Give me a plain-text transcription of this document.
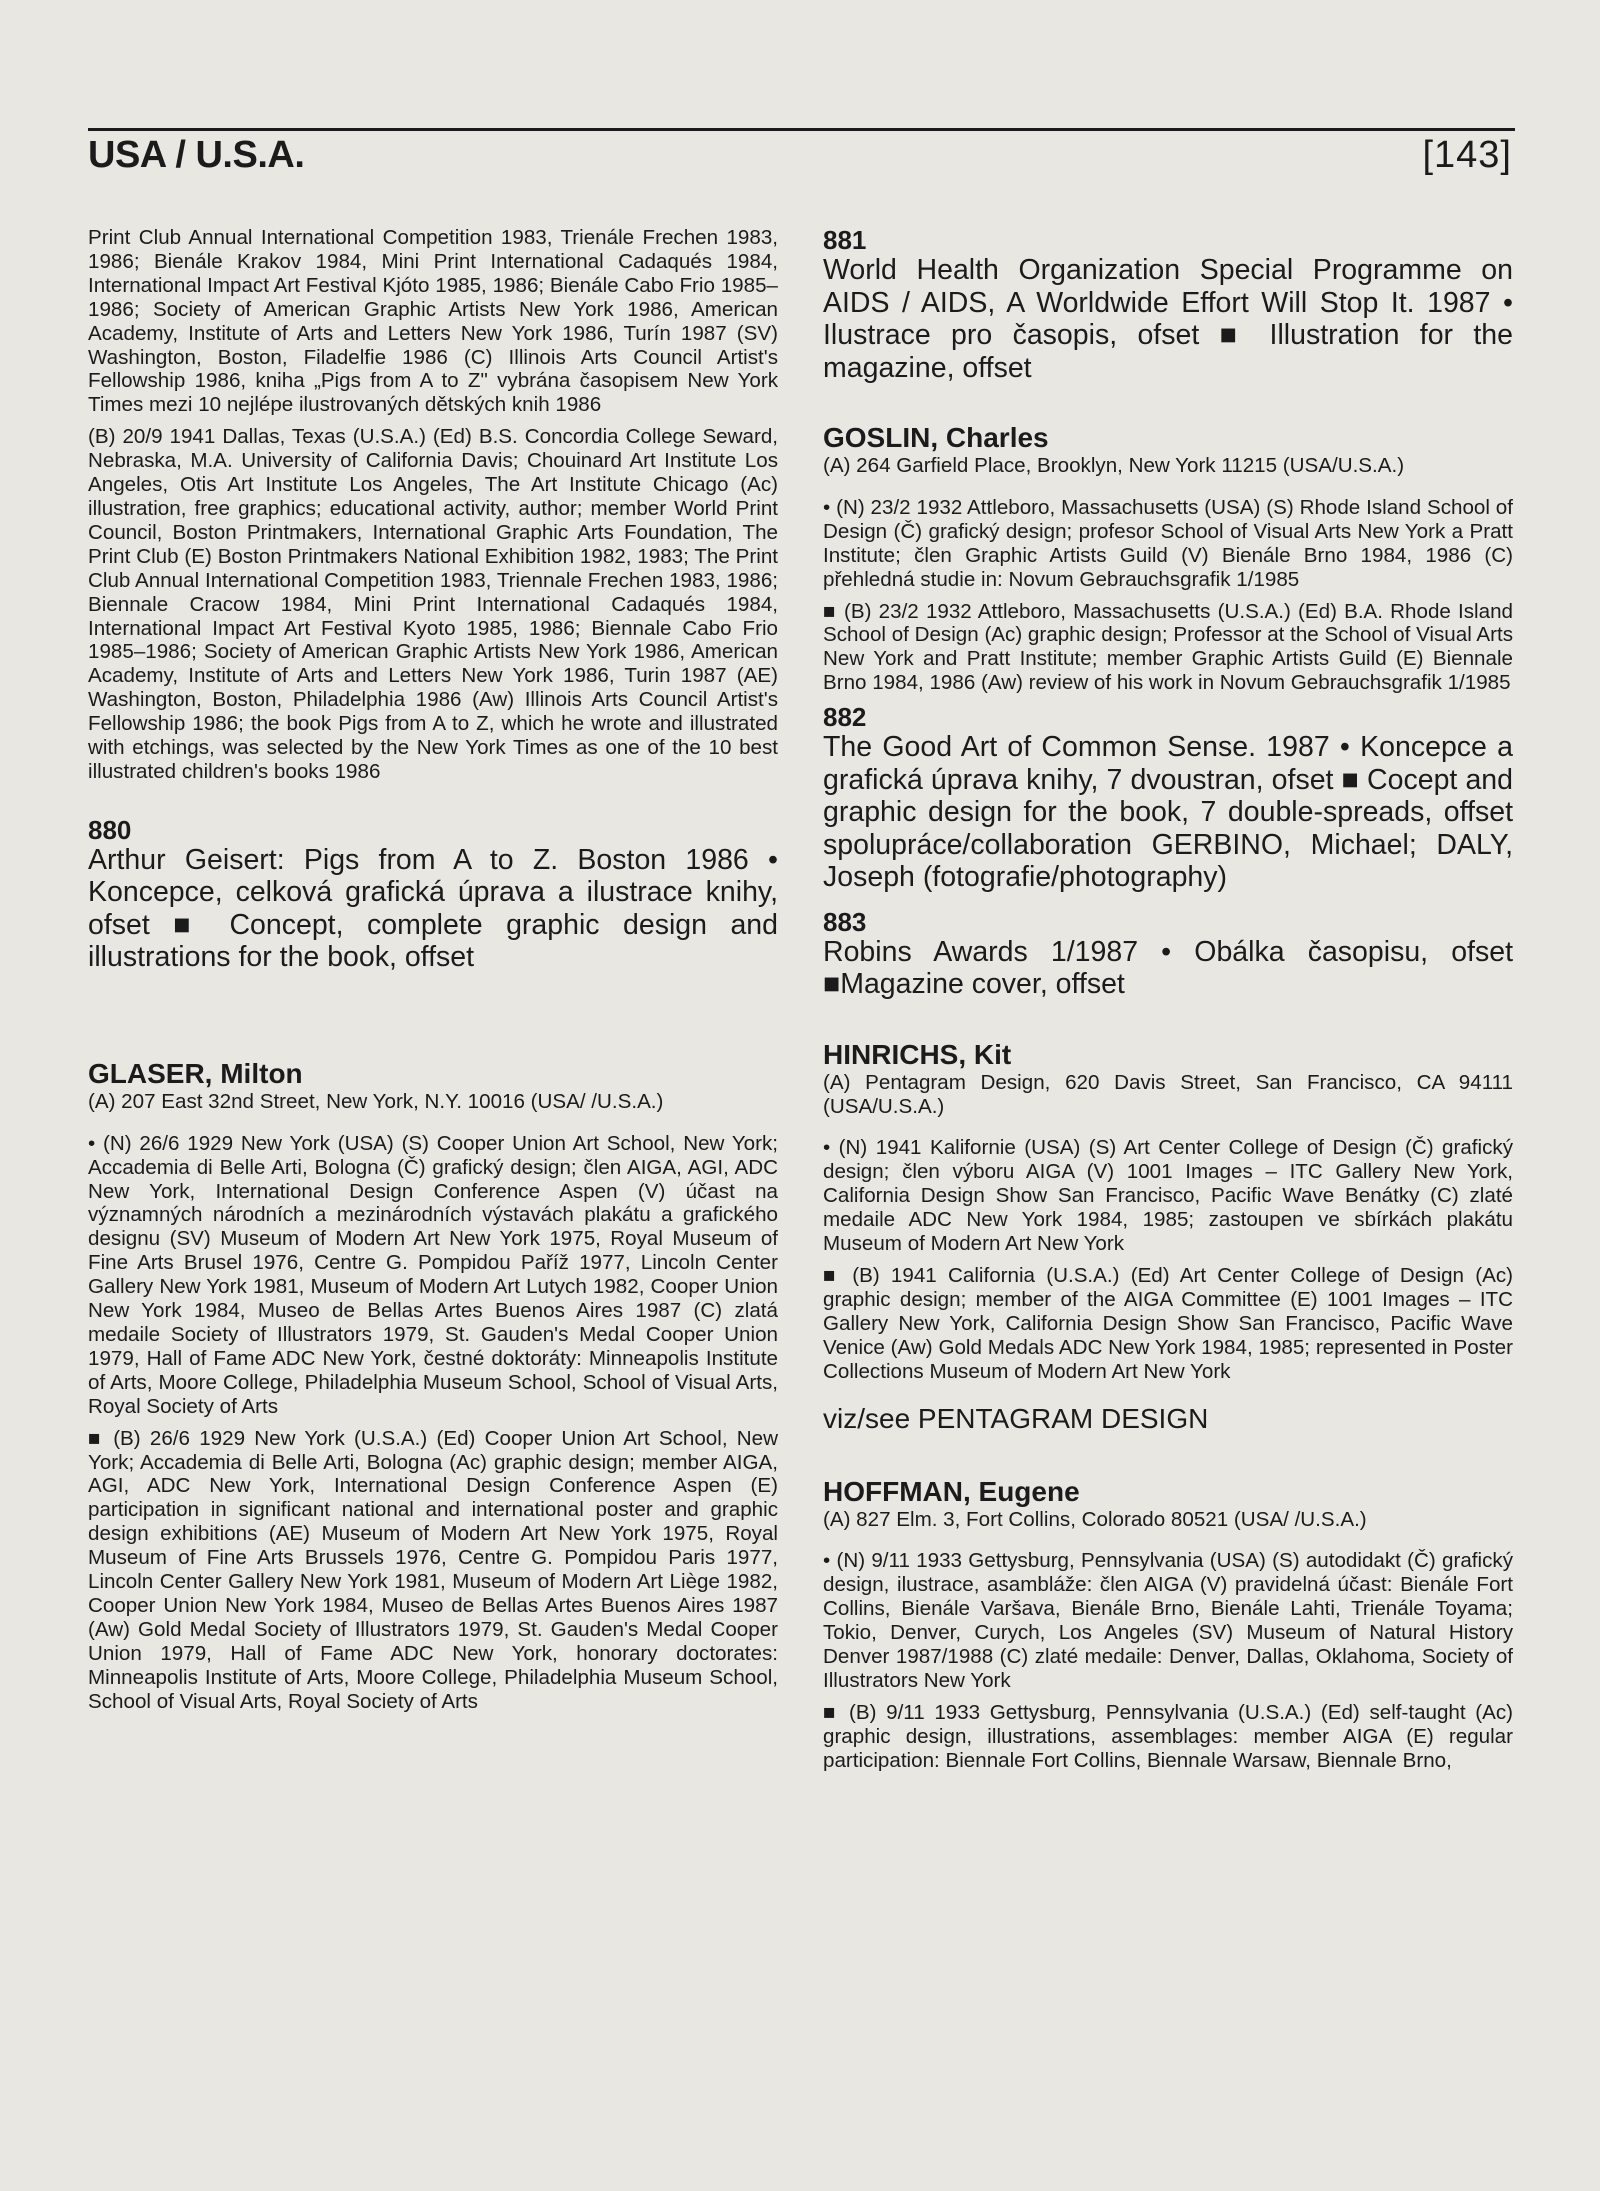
USA / U.S.A.	[143]

Print Club Annual International Competition 1983, Trienále Frechen 1983, 1986; Bienále Krakov 1984, Mini Print International Cadaqués 1984, International Impact Art Festival Kjóto 1985, 1986; Bienále Cabo Frio 1985–1986; Society of American Graphic Artists New York 1986, American Academy, Institute of Arts and Letters New York 1986, Turín 1987 (SV) Washington, Boston, Filadelfie 1986 (C) Illinois Arts Council Artist's Fellowship 1986, kniha „Pigs from A to Z" vybrána časopisem New York Times mezi 10 nejlépe ilustrovaných dětských knih 1986

(B) 20/9 1941 Dallas, Texas (U.S.A.) (Ed) B.S. Concordia College Seward, Nebraska, M.A. University of California Davis; Chouinard Art Institute Los Angeles, Otis Art Institute Los Angeles, The Art Institute Chicago (Ac) illustration, free graphics; educational activity, author; member World Print Council, Boston Printmakers, International Graphic Arts Foundation, The Print Club (E) Boston Printmakers National Exhibition 1982, 1983; The Print Club Annual International Competition 1983, Triennale Frechen 1983, 1986; Biennale Cracow 1984, Mini Print International Cadaqués 1984, International Impact Art Festival Kyoto 1985, 1986; Biennale Cabo Frio 1985–1986; Society of American Graphic Artists New York 1986, American Academy, Institute of Arts and Letters New York 1986, Turin 1987 (AE) Washington, Boston, Philadelphia 1986 (Aw) Illinois Arts Council Artist's Fellowship 1986; the book Pigs from A to Z, which he wrote and illustrated with etchings, was selected by the New York Times as one of the 10 best illustrated children's books 1986

880

Arthur Geisert: Pigs from A to Z. Boston 1986 • Koncepce, celková grafická úprava a ilustrace knihy, ofset ■ Concept, complete graphic design and illustrations for the book, offset

GLASER, Milton

(A) 207 East 32nd Street, New York, N.Y. 10016 (USA/ /U.S.A.)

• (N) 26/6 1929 New York (USA) (S) Cooper Union Art School, New York; Accademia di Belle Arti, Bologna (Č) grafický design; člen AIGA, AGI, ADC New York, International Design Conference Aspen (V) účast na významných národních a mezinárodních výstavách plakátu a grafického designu (SV) Museum of Modern Art New York 1975, Royal Museum of Fine Arts Brusel 1976, Centre G. Pompidou Paříž 1977, Lincoln Center Gallery New York 1981, Museum of Modern Art Lutych 1982, Cooper Union New York 1984, Museo de Bellas Artes Buenos Aires 1987 (C) zlatá medaile Society of Illustrators 1979, St. Gauden's Medal Cooper Union 1979, Hall of Fame ADC New York, čestné doktoráty: Minneapolis Institute of Arts, Moore College, Philadelphia Museum School, School of Visual Arts, Royal Society of Arts

■ (B) 26/6 1929 New York (U.S.A.) (Ed) Cooper Union Art School, New York; Accademia di Belle Arti, Bologna (Ac) graphic design; member AIGA, AGI, ADC New York, International Design Conference Aspen (E) participation in significant national and international poster and graphic design exhibitions (AE) Museum of Modern Art New York 1975, Royal Museum of Fine Arts Brussels 1976, Centre G. Pompidou Paris 1977, Lincoln Center Gallery New York 1981, Museum of Modern Art Liège 1982, Cooper Union New York 1984, Museo de Bellas Artes Buenos Aires 1987 (Aw) Gold Medal Society of Illustrators 1979, St. Gauden's Medal Cooper Union 1979, Hall of Fame ADC New York, honorary doctorates: Minneapolis Institute of Arts, Moore College, Philadelphia Museum School, School of Visual Arts, Royal Society of Arts

881

World Health Organization Special Programme on AIDS / AIDS, A Worldwide Effort Will Stop It. 1987 • Ilustrace pro časopis, ofset ■ Illustration for the magazine, offset

GOSLIN, Charles

(A) 264 Garfield Place, Brooklyn, New York 11215 (USA/U.S.A.)

• (N) 23/2 1932 Attleboro, Massachusetts (USA) (S) Rhode Island School of Design (Č) grafický design; profesor School of Visual Arts New York a Pratt Institute; člen Graphic Artists Guild (V) Bienále Brno 1984, 1986 (C) přehledná studie in: Novum Gebrauchsgrafik 1/1985

■ (B) 23/2 1932 Attleboro, Massachusetts (U.S.A.) (Ed) B.A. Rhode Island School of Design (Ac) graphic design; Professor at the School of Visual Arts New York and Pratt Institute; member Graphic Artists Guild (E) Biennale Brno 1984, 1986 (Aw) review of his work in Novum Gebrauchsgrafik 1/1985

882

The Good Art of Common Sense. 1987 • Koncepce a grafická úprava knihy, 7 dvoustran, ofset ■ Cocept and graphic design for the book, 7 double-spreads, offset spolupráce/collaboration GERBINO, Michael; DALY, Joseph (fotografie/photography)

883

Robins Awards 1/1987 • Obálka časopisu, ofset ■Magazine cover, offset

HINRICHS, Kit

(A) Pentagram Design, 620 Davis Street, San Francisco, CA 94111 (USA/U.S.A.)

• (N) 1941 Kalifornie (USA) (S) Art Center College of Design (Č) grafický design; člen výboru AIGA (V) 1001 Images – ITC Gallery New York, California Design Show San Francisco, Pacific Wave Benátky (C) zlaté medaile ADC New York 1984, 1985; zastoupen ve sbírkách plakátu Museum of Modern Art New York

■ (B) 1941 California (U.S.A.) (Ed) Art Center College of Design (Ac) graphic design; member of the AIGA Committee (E) 1001 Images – ITC Gallery New York, California Design Show San Francisco, Pacific Wave Venice (Aw) Gold Medals ADC New York 1984, 1985; represented in Poster Collections Museum of Modern Art New York

viz/see PENTAGRAM DESIGN

HOFFMAN, Eugene

(A) 827 Elm. 3, Fort Collins, Colorado 80521 (USA/ /U.S.A.)

• (N) 9/11 1933 Gettysburg, Pennsylvania (USA) (S) autodidakt (Č) grafický design, ilustrace, asambláže: člen AIGA (V) pravidelná účast: Bienále Fort Collins, Bienále Varšava, Bienále Brno, Bienále Lahti, Trienále Toyama; Tokio, Denver, Curych, Los Angeles (SV) Museum of Natural History Denver 1987/1988 (C) zlaté medaile: Denver, Dallas, Oklahoma, Society of Illustrators New York

■ (B) 9/11 1933 Gettysburg, Pennsylvania (U.S.A.) (Ed) self-taught (Ac) graphic design, illustrations, assemblages: member AIGA (E) regular participation: Biennale Fort Collins, Biennale Warsaw, Biennale Brno,
